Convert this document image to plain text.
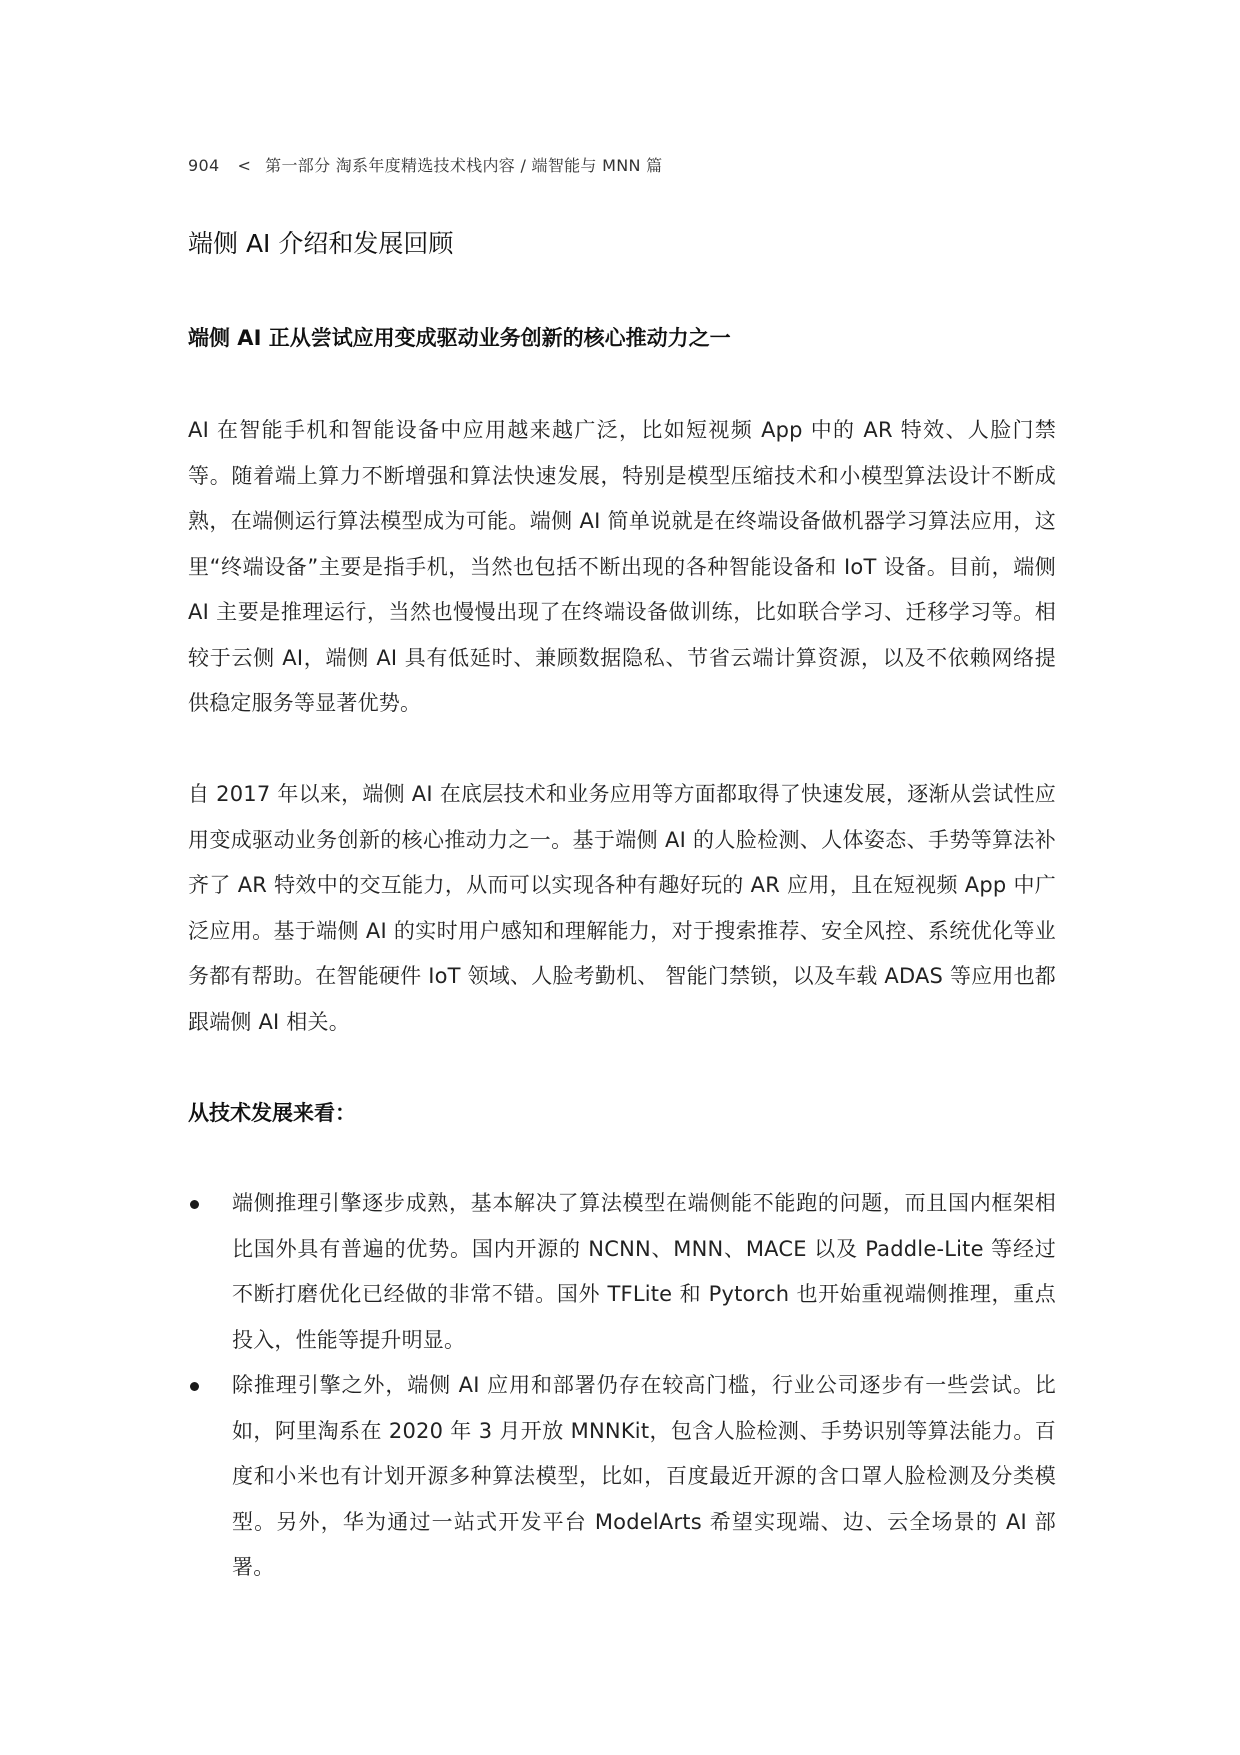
904 < 第一部分 淘系年度精选技术栈内容 / 端智能与 MNN 篇
端侧 AI 介绍和发展回顾
端侧 AI 正从尝试应用变成驱动业务创新的核心推动力之一

AI 在智能手机和智能设备中应用越来越广泛，比如短视频 App 中的 AR 特效、人脸门禁等。随着端上算力不断增强和算法快速发展，特别是模型压缩技术和小模型算法设计不断成熟，在端侧运行算法模型成为可能。端侧 AI 简单说就是在终端设备做机器学习算法应用，这里“终端设备”主要是指手机，当然也包括不断出现的各种智能设备和 IoT 设备。目前，端侧 AI 主要是推理运行，当然也慢慢出现了在终端设备做训练，比如联合学习、迁移学习等。相较于云侧 AI，端侧 AI 具有低延时、兼顾数据隐私、节省云端计算资源，以及不依赖网络提供稳定服务等显著优势。

自 2017 年以来，端侧 AI 在底层技术和业务应用等方面都取得了快速发展，逐渐从尝试性应用变成驱动业务创新的核心推动力之一。基于端侧 AI 的人脸检测、人体姿态、手势等算法补齐了 AR 特效中的交互能力，从而可以实现各种有趣好玩的 AR 应用，且在短视频 App 中广泛应用。基于端侧 AI 的实时用户感知和理解能力，对于搜索推荐、安全风控、系统优化等业务都有帮助。在智能硬件 IoT 领域、人脸考勤机、 智能门禁锁，以及车载 ADAS 等应用也都跟端侧 AI 相关。

从技术发展来看：

端侧推理引擎逐步成熟，基本解决了算法模型在端侧能不能跑的问题，而且国内框架相比国外具有普遍的优势。国内开源的 NCNN、MNN、MACE 以及 Paddle-Lite 等经过不断打磨优化已经做的非常不错。国外 TFLite 和 Pytorch 也开始重视端侧推理，重点投入，性能等提升明显。
除推理引擎之外，端侧 AI 应用和部署仍存在较高门槛，行业公司逐步有一些尝试。比如，阿里淘系在 2020 年 3 月开放 MNNKit，包含人脸检测、手势识别等算法能力。百度和小米也有计划开源多种算法模型，比如，百度最近开源的含口罩人脸检测及分类模型。另外，华为通过一站式开发平台 ModelArts 希望实现端、边、云全场景的 AI 部署。
